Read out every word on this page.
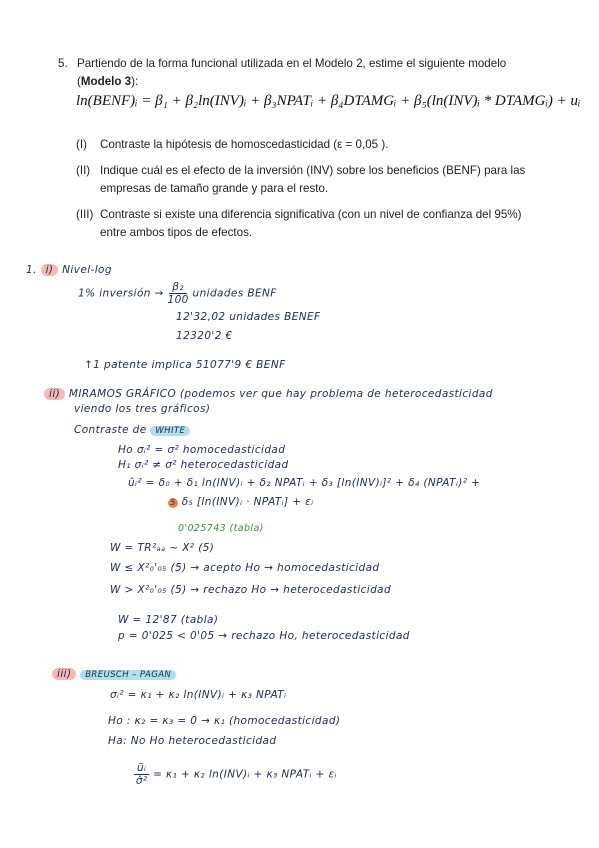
5. Partiendo de la forma funcional utilizada en el Modelo 2, estime el siguiente modelo
(Modelo 3):
ln(BENF)ᵢ = β₁ + β₂ln(INV)ᵢ + β₃NPATᵢ + β₄DTAMGᵢ + β₅(ln(INV)ᵢ * DTAMGᵢ) + uᵢ
(I) Contraste la hipótesis de homoscedasticidad (ε = 0,05 ).
(II) Indique cuál es el efecto de la inversión (INV) sobre los beneficios (BENF) para las
empresas de tamaño grande y para el resto.
(III) Contraste si existe una diferencia significativa (con un nivel de confianza del 95%)
entre ambos tipos de efectos.
1. i) Nivel-log
1% inversión → $\frac{\text{β₂}}{100}$ unidades BENF
12'32,02 unidades BENEF
12320'2 €
↑1 patente implica 51077'9 € BENF
ii) MIRAMOS GRÁFICO (podemos ver que hay problema de heterocedasticidad
viendo los tres gráficos)
Contraste de WHITE
Ho σᵢ² = σ² homocedasticidad
H₁ σᵢ² ≠ σ² heterocedasticidad
ûᵢ² = δ₀ + δ₁ ln(INV)ᵢ + δ₂ NPATᵢ + δ₃ [ln(INV)ᵢ]² + δ₄ (NPATᵢ)² +
5 δ₅ [ln(INV)ᵢ · NPATᵢ] + εᵢ
0'025743 (tabla)
W = TR²ₐₐ ~ X² (5)
W ≤ X²₀'₀₅ (5) → acepto Ho → homocedasticidad
W > X²₀'₀₅ (5) → rechazo Ho → heterocedasticidad
W = 12'87 (tabla)
p = 0'025 < 0'05 → rechazo Ho, heterocedasticidad
iii) BREUSCH – PAGAN
σᵢ² = κ₁ + κ₂ ln(INV)ᵢ + κ₃ NPATᵢ
Ho : κ₂ = κ₃ = 0 → κ₁ (homocedasticidad)
Ha: No Ho heterocedasticidad
$\frac{\text{ũᵢ}}{\text{σ̂²}} = \kappa_1 + \kappa_2$ ln(INV)ᵢ + κ₃ NPATᵢ + εᵢ
